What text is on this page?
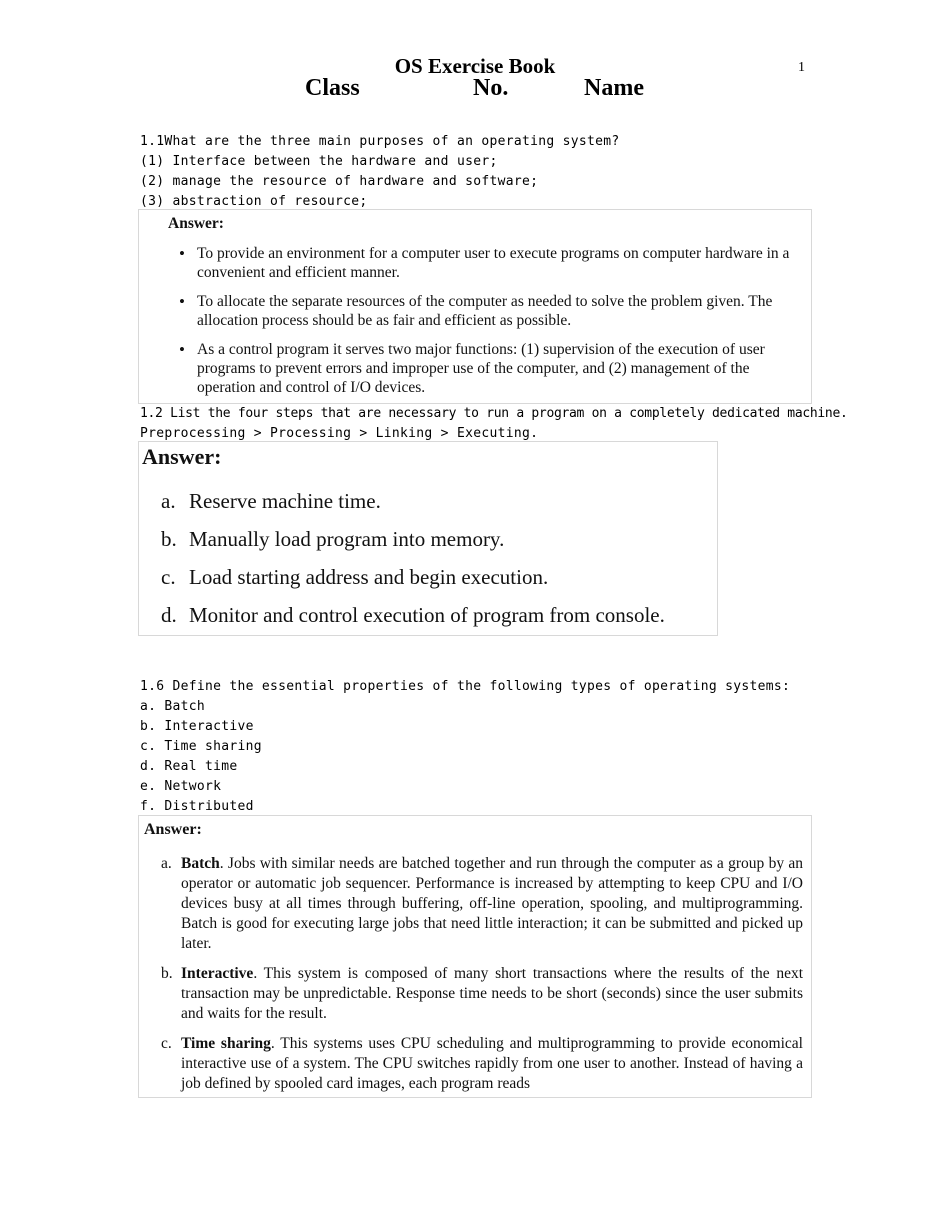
OS Exercise Book	1
Class	No.	Name
1.1What are the three main purposes of an operating system?
(1) Interface between the hardware and user;
(2) manage the resource of hardware and software;
(3) abstraction of resource;
Answer:
• To provide an environment for a computer user to execute programs on computer hardware in a convenient and efficient manner.
• To allocate the separate resources of the computer as needed to solve the problem given. The allocation process should be as fair and efficient as possible.
• As a control program it serves two major functions: (1) supervision of the execution of user programs to prevent errors and improper use of the computer, and (2) management of the operation and control of I/O devices.
1.2 List the four steps that are necessary to run a program on a completely dedicated machine.
Preprocessing > Processing > Linking > Executing.
Answer:
a. Reserve machine time.
b. Manually load program into memory.
c. Load starting address and begin execution.
d. Monitor and control execution of program from console.
1.6 Define the essential properties of the following types of operating systems:
a. Batch
b. Interactive
c. Time sharing
d. Real time
e. Network
f. Distributed
Answer:
a. Batch. Jobs with similar needs are batched together and run through the computer as a group by an operator or automatic job sequencer. Performance is increased by attempting to keep CPU and I/O devices busy at all times through buffering, off-line operation, spooling, and multiprogramming. Batch is good for executing large jobs that need little interaction; it can be submitted and picked up later.
b. Interactive. This system is composed of many short transactions where the results of the next transaction may be unpredictable. Response time needs to be short (seconds) since the user submits and waits for the result.
c. Time sharing. This systems uses CPU scheduling and multiprogramming to provide economical interactive use of a system. The CPU switches rapidly from one user to another. Instead of having a job defined by spooled card images, each program reads
